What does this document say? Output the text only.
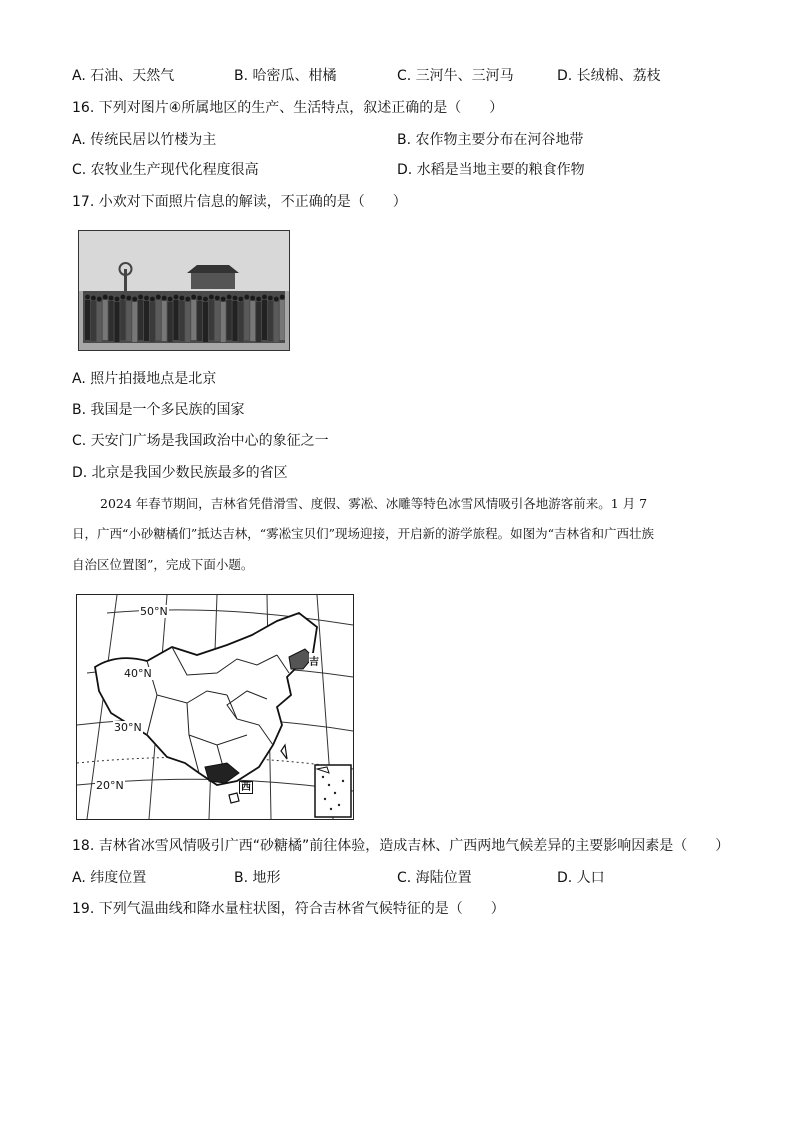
A. 石油、天然气	B. 哈密瓜、柑橘	C. 三河牛、三河马	D. 长绒棉、荔枝
16. 下列对图片④所属地区的生产、生活特点，叙述正确的是（　　）
A. 传统民居以竹楼为主	B. 农作物主要分布在河谷地带
C. 农牧业生产现代化程度很高	D. 水稻是当地主要的粮食作物
17. 小欢对下面照片信息的解读，不正确的是（　　）
A. 照片拍摄地点是北京
B. 我国是一个多民族的国家
C. 天安门广场是我国政治中心的象征之一
D. 北京是我国少数民族最多的省区
2024 年春节期间，吉林省凭借滑雪、度假、雾凇、冰雕等特色冰雪风情吸引各地游客前来。1 月 7
日，广西“小砂糖橘们”抵达吉林，“雾凇宝贝们”现场迎接，开启新的游学旅程。如图为“吉林省和广西壮族
自治区位置图”，完成下面小题。
50°N
40°N
30°N
20°N
吉
西
18. 吉林省冰雪风情吸引广西“砂糖橘”前往体验，造成吉林、广西两地气候差异的主要影响因素是（　　）
A. 纬度位置	B. 地形	C. 海陆位置	D. 人口
19. 下列气温曲线和降水量柱状图，符合吉林省气候特征的是（　　）
